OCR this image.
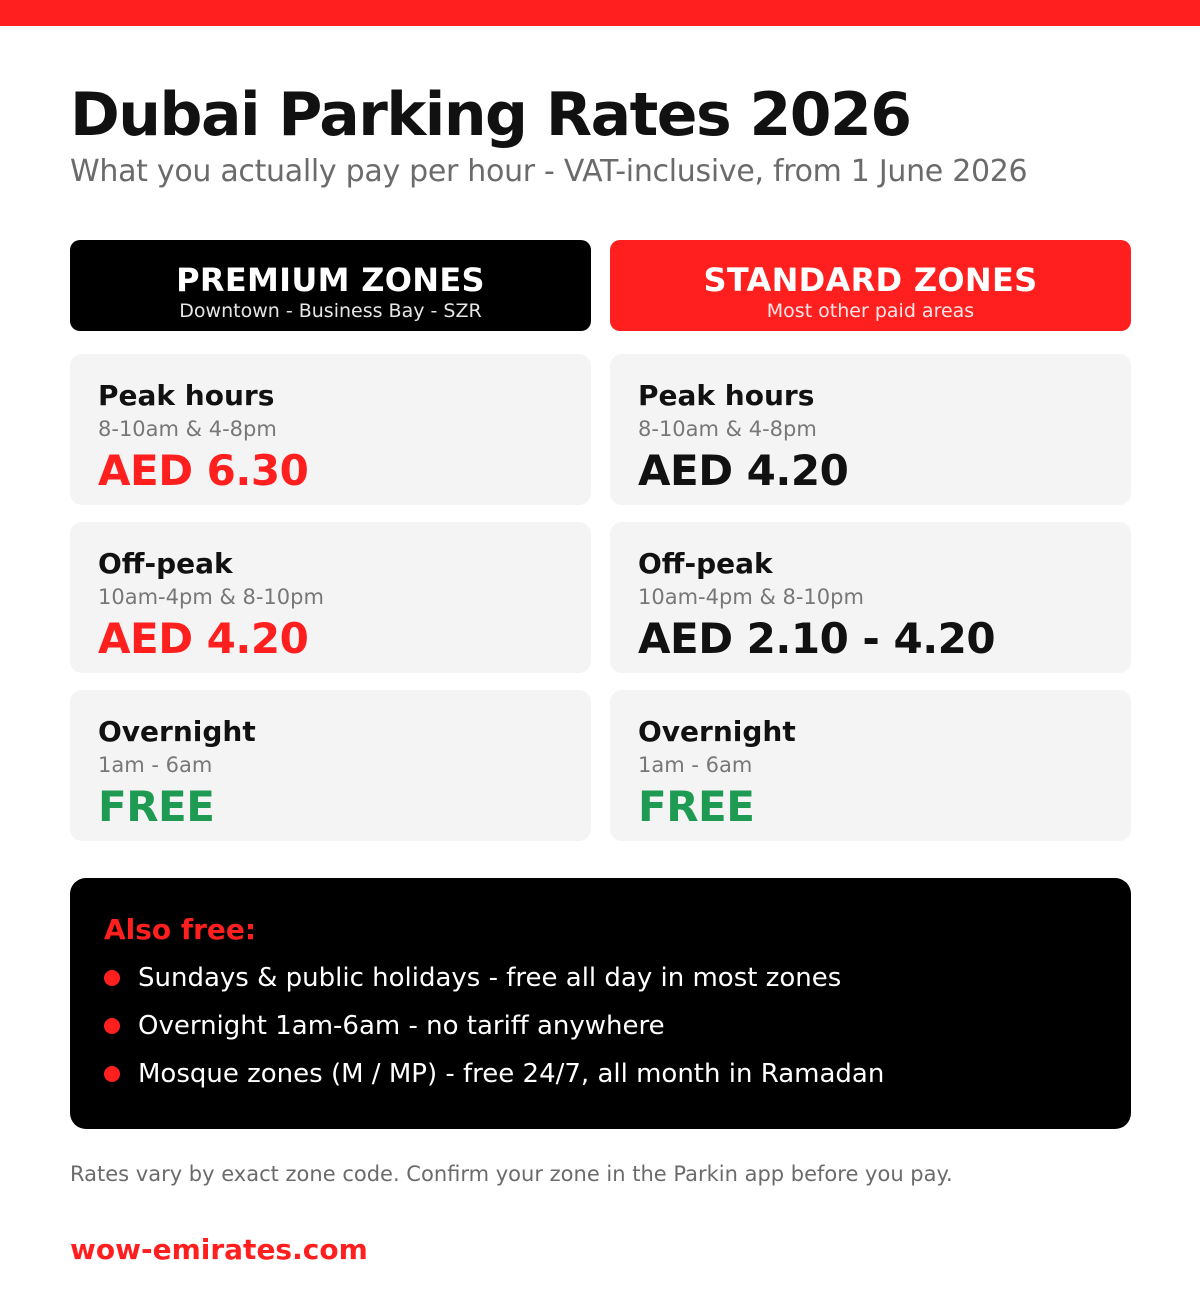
Dubai Parking Rates 2026
What you actually pay per hour - VAT-inclusive, from 1 June 2026
PREMIUM ZONES
Downtown - Business Bay - SZR
Peak hours
8-10am & 4-8pm
AED 6.30
Off-peak
10am-4pm & 8-10pm
AED 4.20
Overnight
1am - 6am
FREE
STANDARD ZONES
Most other paid areas
Peak hours
8-10am & 4-8pm
AED 4.20
Off-peak
10am-4pm & 8-10pm
AED 2.10 - 4.20
Overnight
1am - 6am
FREE
Also free:
Sundays & public holidays - free all day in most zones
Overnight 1am-6am - no tariff anywhere
Mosque zones (M / MP) - free 24/7, all month in Ramadan
Rates vary by exact zone code. Confirm your zone in the Parkin app before you pay.
wow-emirates.com
